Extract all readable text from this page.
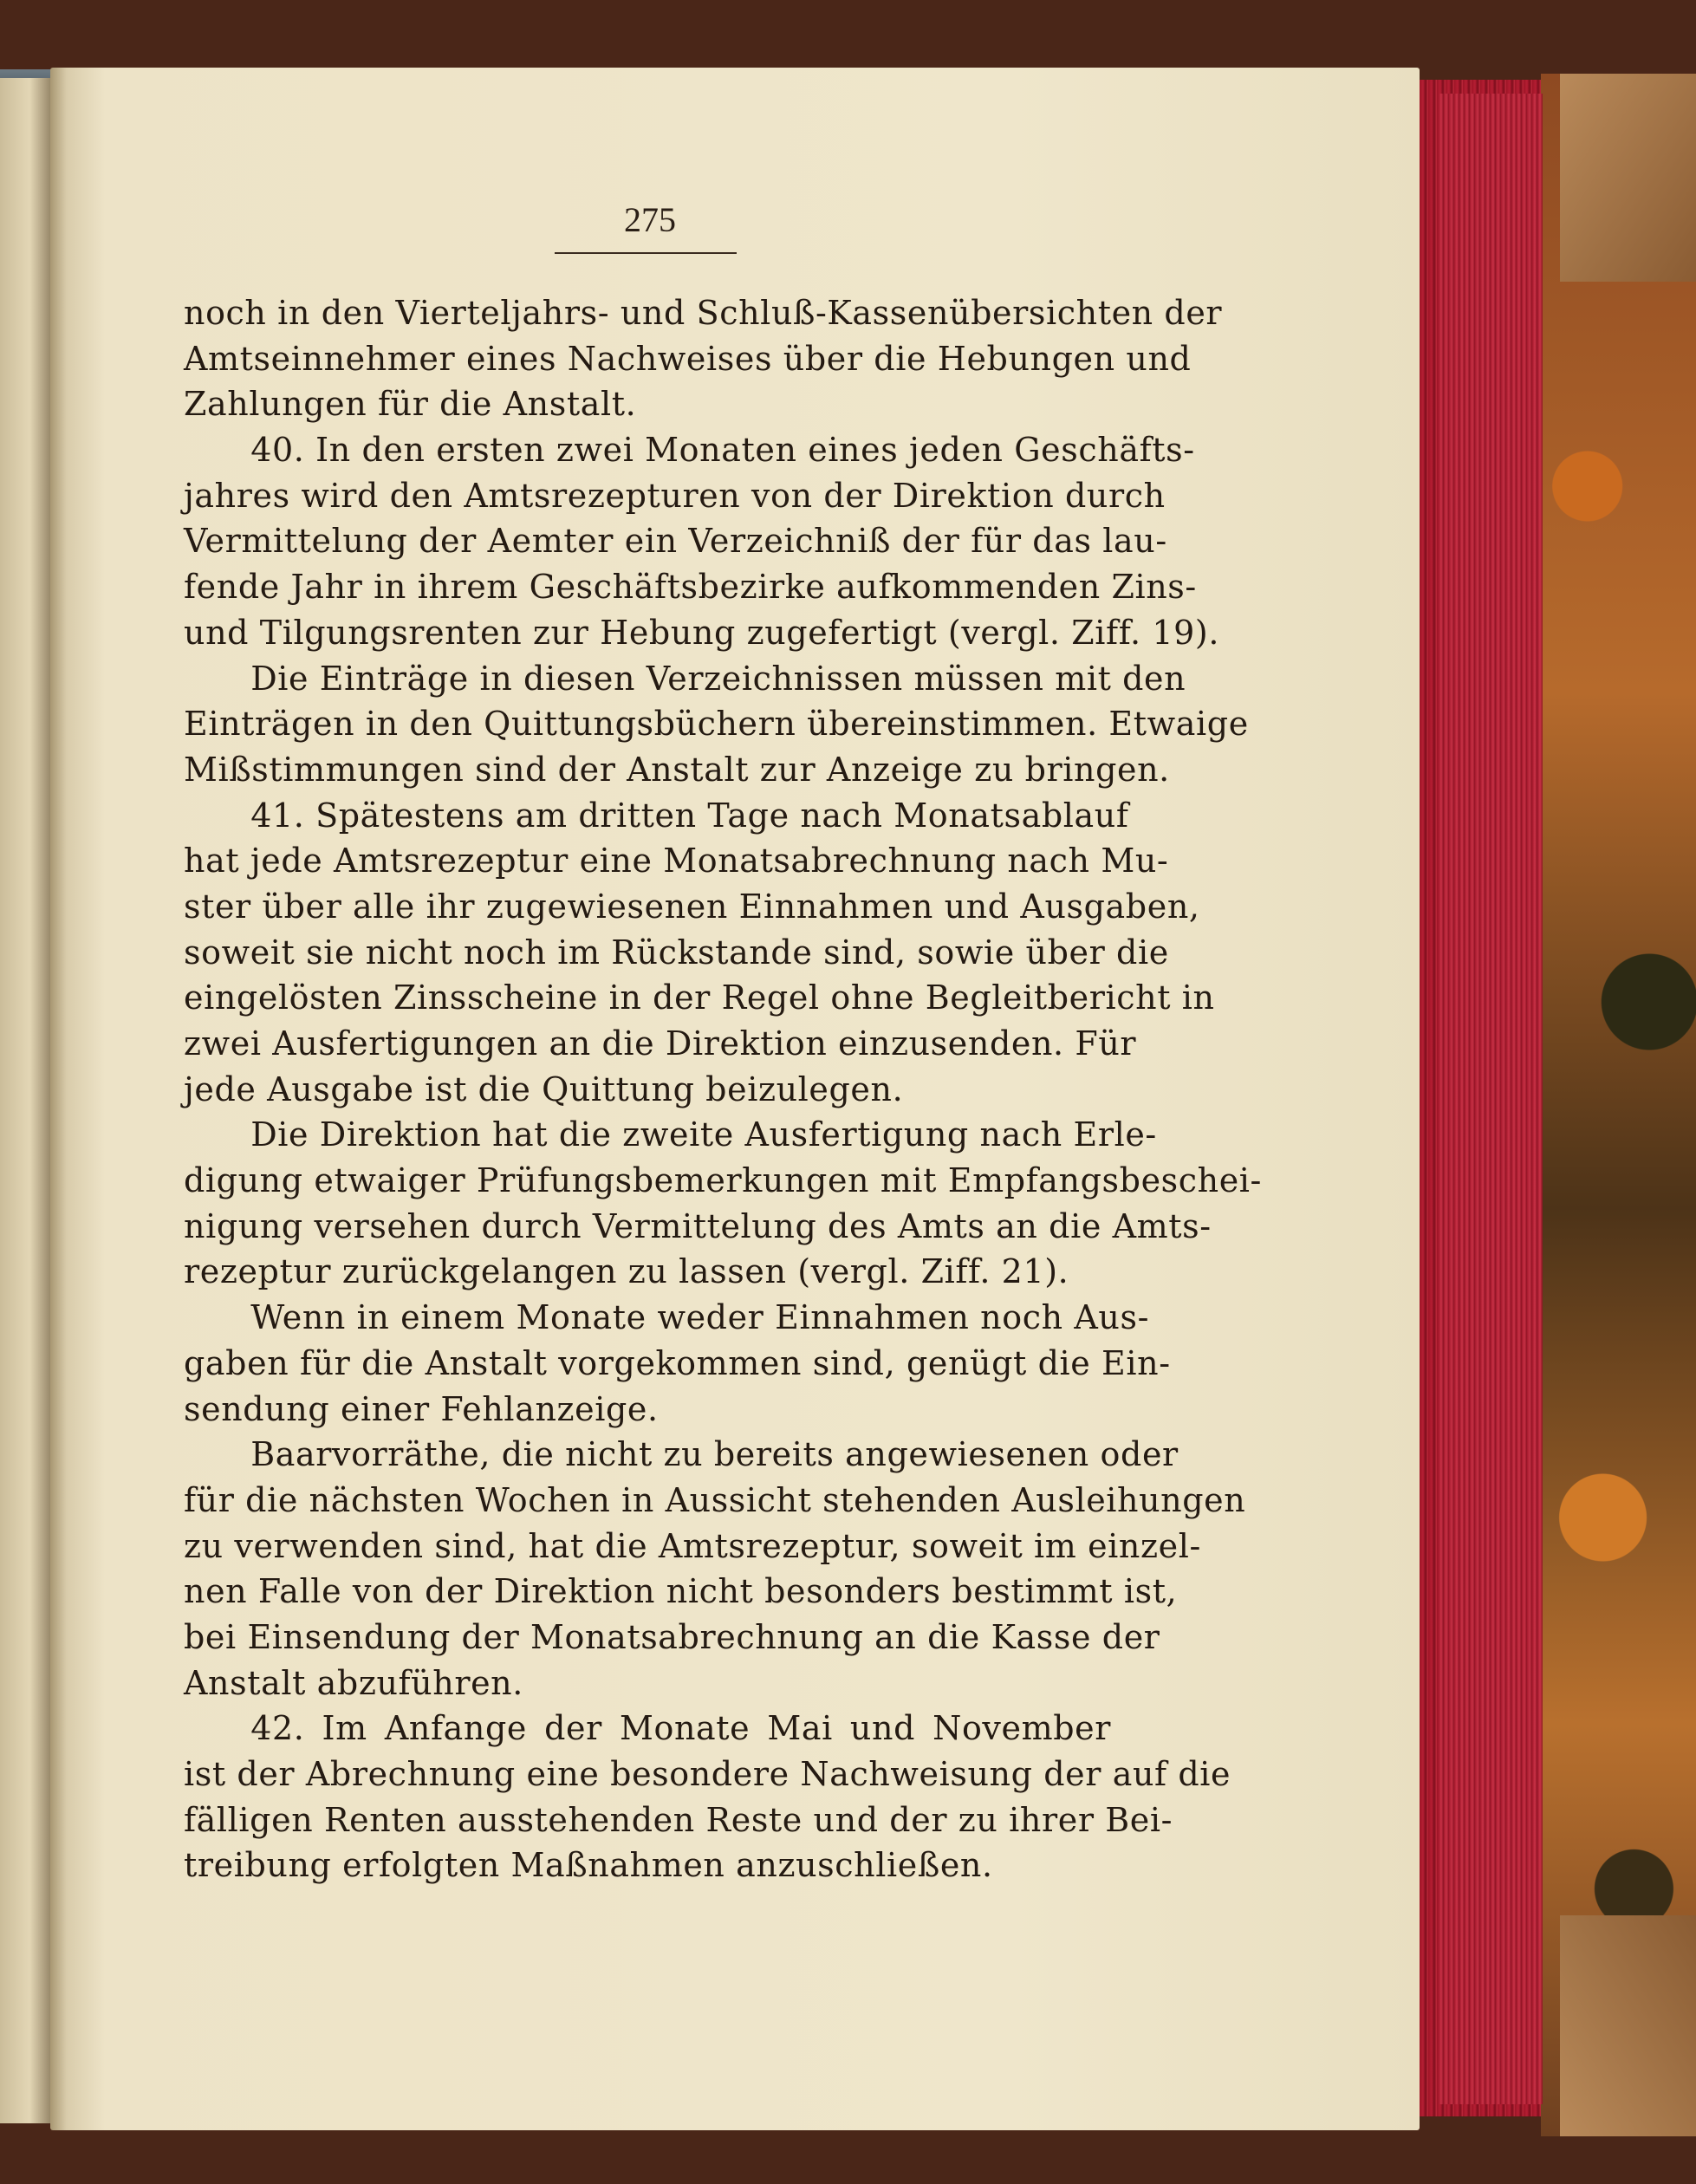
275
noch in den Vierteljahrs- und Schluß-Kassenübersichten der
Amtseinnehmer eines Nachweises über die Hebungen und
Zahlungen für die Anstalt.
  40. In den ersten zwei Monaten eines jeden Geschäfts-
jahres wird den Amtsrezepturen von der Direktion durch
Vermittelung der Aemter ein Verzeichniß der für das lau-
fende Jahr in ihrem Geschäftsbezirke aufkommenden Zins-
und Tilgungsrenten zur Hebung zugefertigt (vergl. Ziff. 19).
  Die Einträge in diesen Verzeichnissen müssen mit den
Einträgen in den Quittungsbüchern übereinstimmen. Etwaige
Mißstimmungen sind der Anstalt zur Anzeige zu bringen.
  41. Spätestens am dritten Tage nach Monatsablauf
hat jede Amtsrezeptur eine Monatsabrechnung nach Mu-
ster über alle ihr zugewiesenen Einnahmen und Ausgaben,
soweit sie nicht noch im Rückstande sind, sowie über die
eingelösten Zinsscheine in der Regel ohne Begleitbericht in
zwei Ausfertigungen an die Direktion einzusenden. Für
jede Ausgabe ist die Quittung beizulegen.
  Die Direktion hat die zweite Ausfertigung nach Erle-
digung etwaiger Prüfungsbemerkungen mit Empfangsbeschei-
nigung versehen durch Vermittelung des Amts an die Amts-
rezeptur zurückgelangen zu lassen (vergl. Ziff. 21).
  Wenn in einem Monate weder Einnahmen noch Aus-
gaben für die Anstalt vorgekommen sind, genügt die Ein-
sendung einer Fehlanzeige.
  Baarvorräthe, die nicht zu bereits angewiesenen oder
für die nächsten Wochen in Aussicht stehenden Ausleihungen
zu verwenden sind, hat die Amtsrezeptur, soweit im einzel-
nen Falle von der Direktion nicht besonders bestimmt ist,
bei Einsendung der Monatsabrechnung an die Kasse der
Anstalt abzuführen.
  42. Im Anfange der Monate Mai und November
ist der Abrechnung eine besondere Nachweisung der auf die
fälligen Renten ausstehenden Reste und der zu ihrer Bei-
treibung erfolgten Maßnahmen anzuschließen.
